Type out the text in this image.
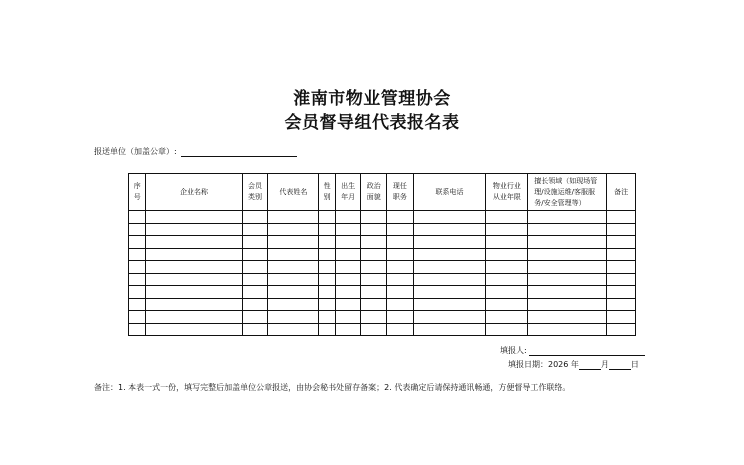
淮南市物业管理协会
会员督导组代表报名表
报送单位（加盖公章）:
序号	企业名称	会员类别	代表姓名	性别	出生年月	政治面貌	现任职务	联系电话	物业行业从业年限	擅长领域（如现场管理/设施运维/客服服务/安全管理等）	备注

填报人:
填报日期：2026 年	月	日
备注：1. 本表一式一份，填写完整后加盖单位公章报送，由协会秘书处留存备案；2. 代表确定后请保持通讯畅通，方便督导工作联络。
